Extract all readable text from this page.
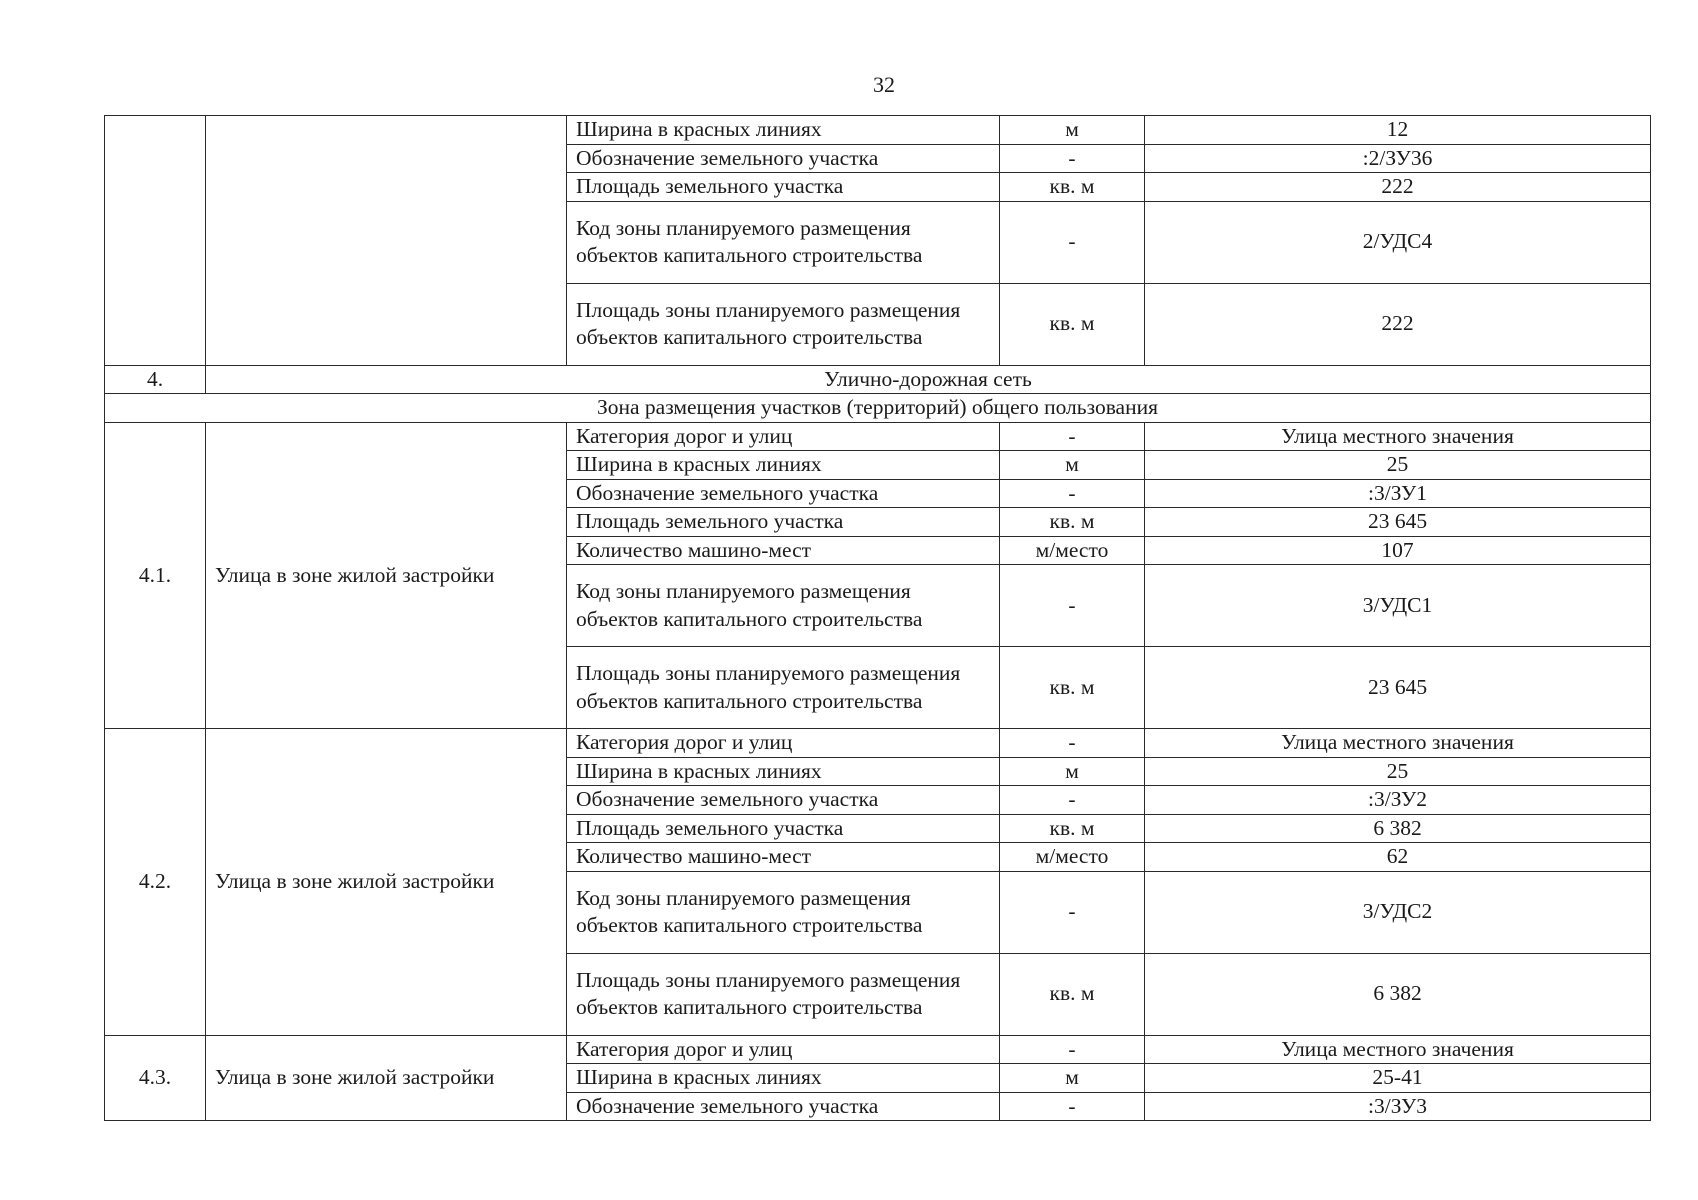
32
		Ширина в красных линиях	м	12
		Обозначение земельного участка	-	:2/ЗУ36
		Площадь земельного участка	кв. м	222
		Код зоны планируемого размещения объектов капитального строительства	-	2/УДС4
		Площадь зоны планируемого размещения объектов капитального строительства	кв. м	222
4.	Улично-дорожная сеть			
Зона размещения участков (территорий) общего пользования				
4.1.	Улица в зоне жилой застройки	Категория дорог и улиц	-	Улица местного значения
		Ширина в красных линиях	м	25
		Обозначение земельного участка	-	:3/ЗУ1
		Площадь земельного участка	кв. м	23 645
		Количество машино-мест	м/место	107
		Код зоны планируемого размещения объектов капитального строительства	-	3/УДС1
		Площадь зоны планируемого размещения объектов капитального строительства	кв. м	23 645
4.2.	Улица в зоне жилой застройки	Категория дорог и улиц	-	Улица местного значения
		Ширина в красных линиях	м	25
		Обозначение земельного участка	-	:3/ЗУ2
		Площадь земельного участка	кв. м	6 382
		Количество машино-мест	м/место	62
		Код зоны планируемого размещения объектов капитального строительства	-	3/УДС2
		Площадь зоны планируемого размещения объектов капитального строительства	кв. м	6 382
4.3.	Улица в зоне жилой застройки	Категория дорог и улиц	-	Улица местного значения
		Ширина в красных линиях	м	25-41
		Обозначение земельного участка	-	:3/ЗУ3
